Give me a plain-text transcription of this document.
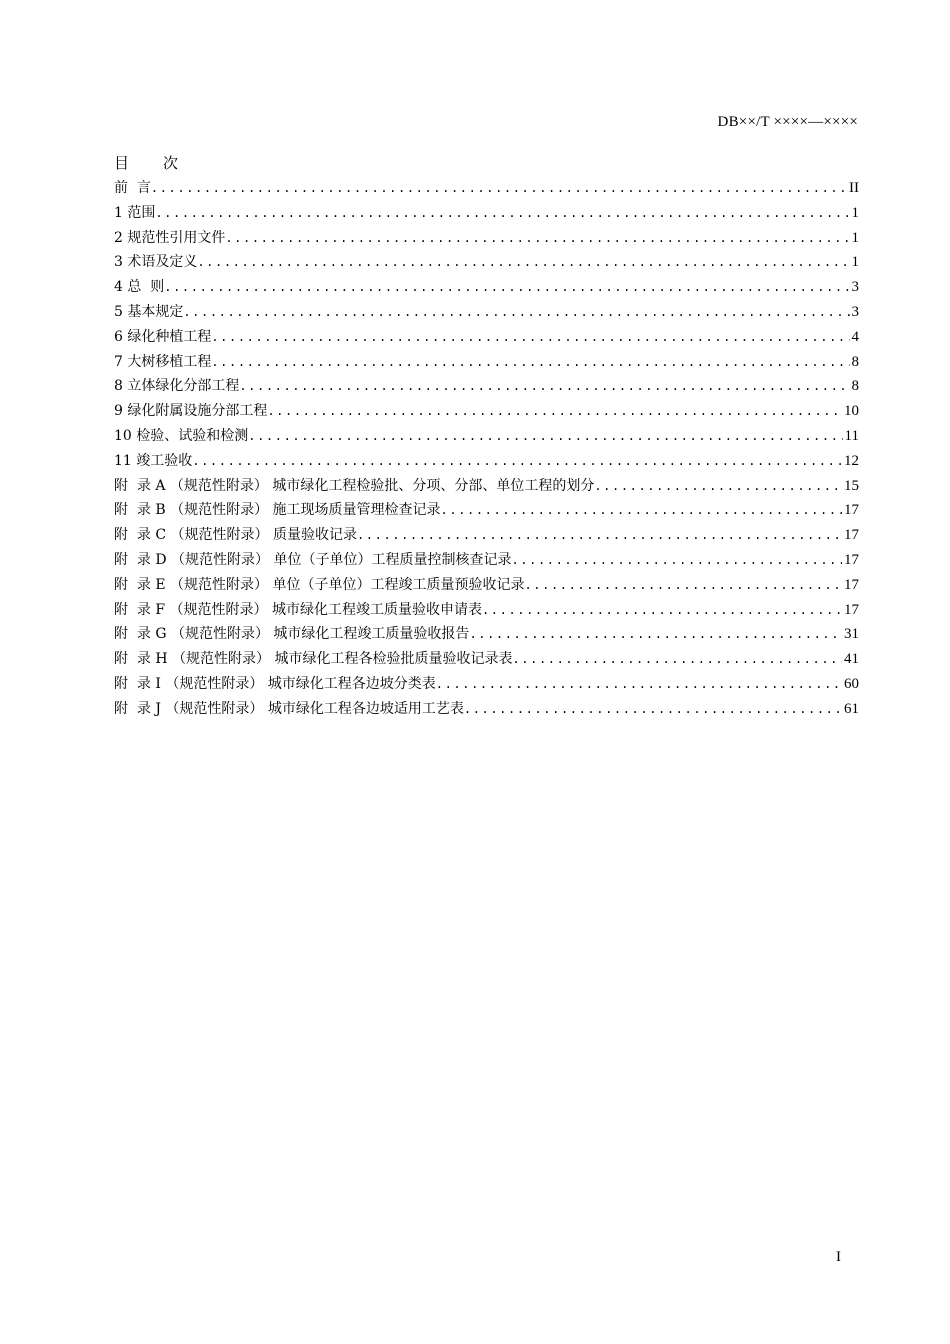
DB××/T ××××—××××
目 次
前  言 .....	II
1 范围 .....	1
2 规范性引用文件 .....	1
3 术语及定义 .....	1
4 总  则 .....	3
5 基本规定 .....	3
6 绿化种植工程 .....	4
7 大树移植工程 .....	8
8 立体绿化分部工程 .....	8
9 绿化附属设施分部工程 .....	10
10 检验、试验和检测 .....	11
11 竣工验收 .....	12
附  录 A （规范性附录） 城市绿化工程检验批、分项、分部、单位工程的划分 .....	15
附  录 B （规范性附录） 施工现场质量管理检查记录 .....	17
附  录 C （规范性附录） 质量验收记录 .....	17
附  录 D （规范性附录） 单位（子单位）工程质量控制核查记录 .....	17
附  录 E （规范性附录） 单位（子单位）工程竣工质量预验收记录 .....	17
附  录 F （规范性附录） 城市绿化工程竣工质量验收申请表 .....	17
附  录 G （规范性附录） 城市绿化工程竣工质量验收报告 .....	31
附  录 H （规范性附录） 城市绿化工程各检验批质量验收记录表 .....	41
附  录 I （规范性附录） 城市绿化工程各边坡分类表 .....	60
附  录 J （规范性附录） 城市绿化工程各边坡适用工艺表 .....	61
I
